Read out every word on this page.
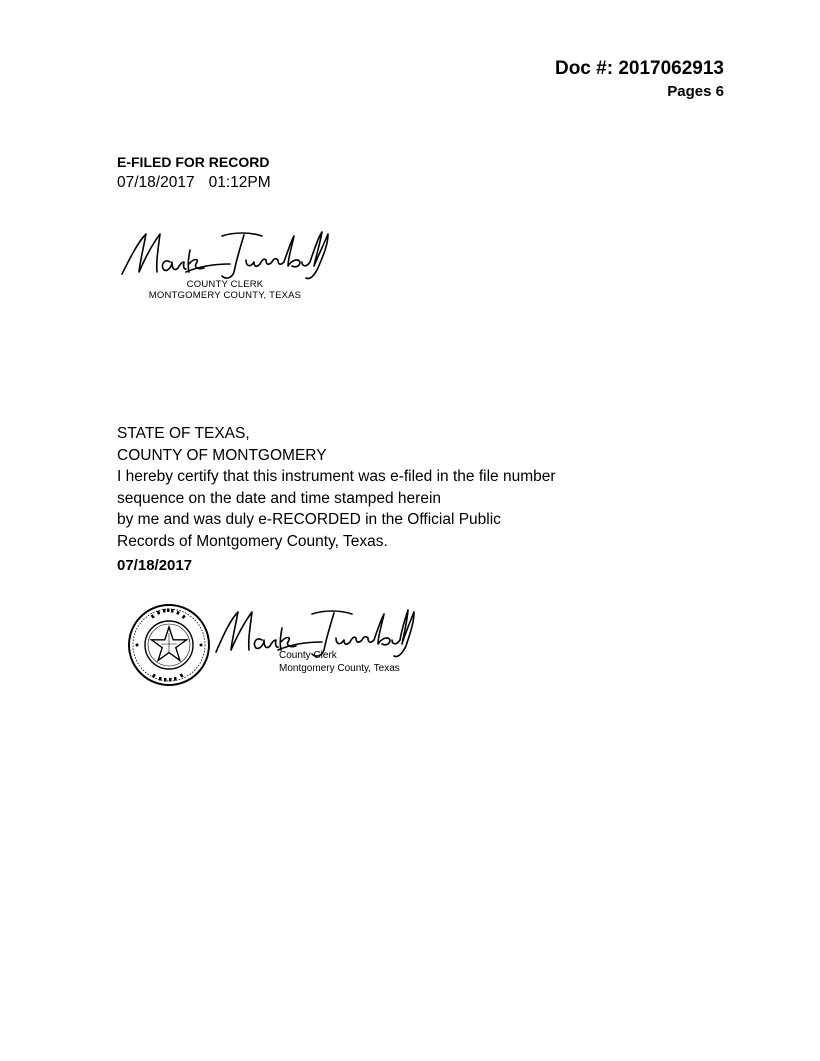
Doc #: 2017062913
Pages 6
E-FILED FOR RECORD
07/18/2017 01:12PM
COUNTY CLERK
MONTGOMERY COUNTY, TEXAS
STATE OF TEXAS,
COUNTY OF MONTGOMERY
I hereby certify that this instrument was e-filed in the file number
sequence on the date and time stamped herein
by me and was duly e-RECORDED in the Official Public
Records of Montgomery County, Texas.
07/18/2017
County Clerk
Montgomery County, Texas
